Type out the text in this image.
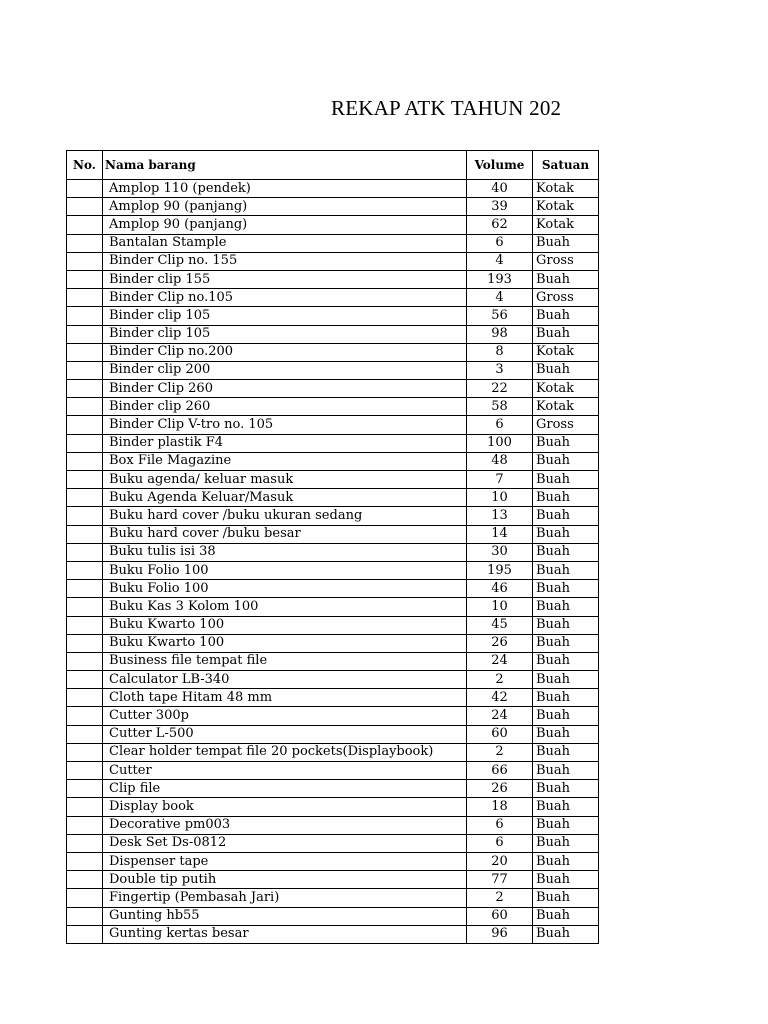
REKAP ATK TAHUN 202
No.	Nama barang	Volume	Satuan
	Amplop 110 (pendek)	40	Kotak
	Amplop 90 (panjang)	39	Kotak
	Amplop 90 (panjang)	62	Kotak
	Bantalan Stample	6	Buah
	Binder Clip no. 155	4	Gross
	Binder clip 155	193	Buah
	Binder Clip no.105	4	Gross
	Binder clip 105	56	Buah
	Binder clip 105	98	Buah
	Binder Clip no.200	8	Kotak
	Binder clip 200	3	Buah
	Binder Clip 260	22	Kotak
	Binder clip 260	58	Kotak
	Binder Clip V-tro no. 105	6	Gross
	Binder plastik F4	100	Buah
	Box File Magazine	48	Buah
	Buku agenda/ keluar masuk	7	Buah
	Buku Agenda Keluar/Masuk	10	Buah
	Buku hard cover /buku ukuran sedang	13	Buah
	Buku hard cover /buku besar	14	Buah
	Buku tulis isi 38	30	Buah
	Buku Folio 100	195	Buah
	Buku Folio 100	46	Buah
	Buku Kas 3 Kolom 100	10	Buah
	Buku Kwarto 100	45	Buah
	Buku Kwarto 100	26	Buah
	Business file tempat file	24	Buah
	Calculator LB-340	2	Buah
	Cloth tape Hitam 48 mm	42	Buah
	Cutter 300p	24	Buah
	Cutter L-500	60	Buah
	Clear holder tempat file 20 pockets(Displaybook)	2	Buah
	Cutter	66	Buah
	Clip file	26	Buah
	Display book	18	Buah
	Decorative pm003	6	Buah
	Desk Set Ds-0812	6	Buah
	Dispenser tape	20	Buah
	Double tip putih	77	Buah
	Fingertip (Pembasah Jari)	2	Buah
	Gunting hb55	60	Buah
	Gunting kertas besar	96	Buah
